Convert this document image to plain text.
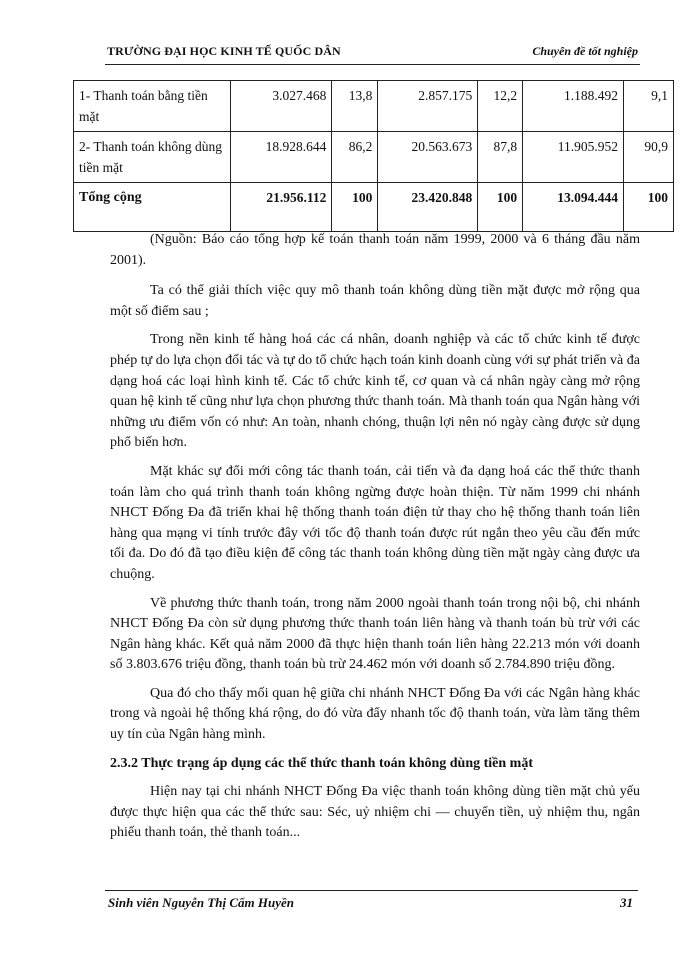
TRƯỜNG ĐẠI HỌC KINH TẾ QUỐC DÂN	Chuyên đề tốt nghiệp
1- Thanh toán bằng tiền mặt	3.027.468	13,8	2.857.175	12,2	1.188.492	9,1
2- Thanh toán không dùng tiền mặt	18.928.644	86,2	20.563.673	87,8	11.905.952	90,9
Tổng cộng	21.956.112	100	23.420.848	100	13.094.444	100

(Nguồn: Báo cáo tổng hợp kế toán thanh toán năm 1999, 2000 và 6 tháng đầu năm 2001).

Ta có thể giải thích việc quy mô thanh toán không dùng tiền mặt được mở rộng qua một số điểm sau ;

Trong nền kinh tế hàng hoá các cá nhân, doanh nghiệp và các tổ chức kinh tế được phép tự do lựa chọn đối tác và tự do tổ chức hạch toán kinh doanh cùng với sự phát triển và đa dạng hoá các loại hình kinh tế. Các tổ chức kinh tế, cơ quan và cá nhân ngày càng mở rộng quan hệ kinh tế cũng như lựa chọn phương thức thanh toán. Mà thanh toán qua Ngân hàng với những ưu điểm vốn có như: An toàn, nhanh chóng, thuận lợi nên nó ngày càng được sử dụng phổ biến hơn.

Mặt khác sự đổi mới công tác thanh toán, cải tiến và đa dạng hoá các thể thức thanh toán làm cho quá trình thanh toán không ngừng được hoàn thiện. Từ năm 1999 chi nhánh NHCT Đống Đa đã triển khai hệ thống thanh toán điện tử thay cho hệ thống thanh toán liên hàng qua mạng vi tính trước đây với tốc độ thanh toán được rút ngắn theo yêu cầu đến mức tối đa. Do đó đã tạo điều kiện để công tác thanh toán không dùng tiền mặt ngày càng được ưa chuộng.

Về phương thức thanh toán, trong năm 2000 ngoài thanh toán trong nội bộ, chi nhánh NHCT Đống Đa còn sử dụng phương thức thanh toán liên hàng và thanh toán bù trừ với các Ngân hàng khác. Kết quả năm 2000 đã thực hiện thanh toán liên hàng 22.213 món với doanh số 3.803.676 triệu đồng, thanh toán bù trừ 24.462 món với doanh số 2.784.890 triệu đồng.

Qua đó cho thấy mối quan hệ giữa chi nhánh NHCT Đống Đa với các Ngân hàng khác trong và ngoài hệ thống khá rộng, do đó vừa đẩy nhanh tốc độ thanh toán, vừa làm tăng thêm uy tín của Ngân hàng mình.

2.3.2 Thực trạng áp dụng các thể thức thanh toán không dùng tiền mặt

Hiện nay tại chi nhánh NHCT Đống Đa việc thanh toán không dùng tiền mặt chủ yếu được thực hiện qua các thể thức sau: Séc, uỷ nhiệm chi — chuyển tiền, uỷ nhiệm thu, ngân phiếu thanh toán, thẻ thanh toán...

Sinh viên Nguyễn Thị Cẩm Huyền	31
